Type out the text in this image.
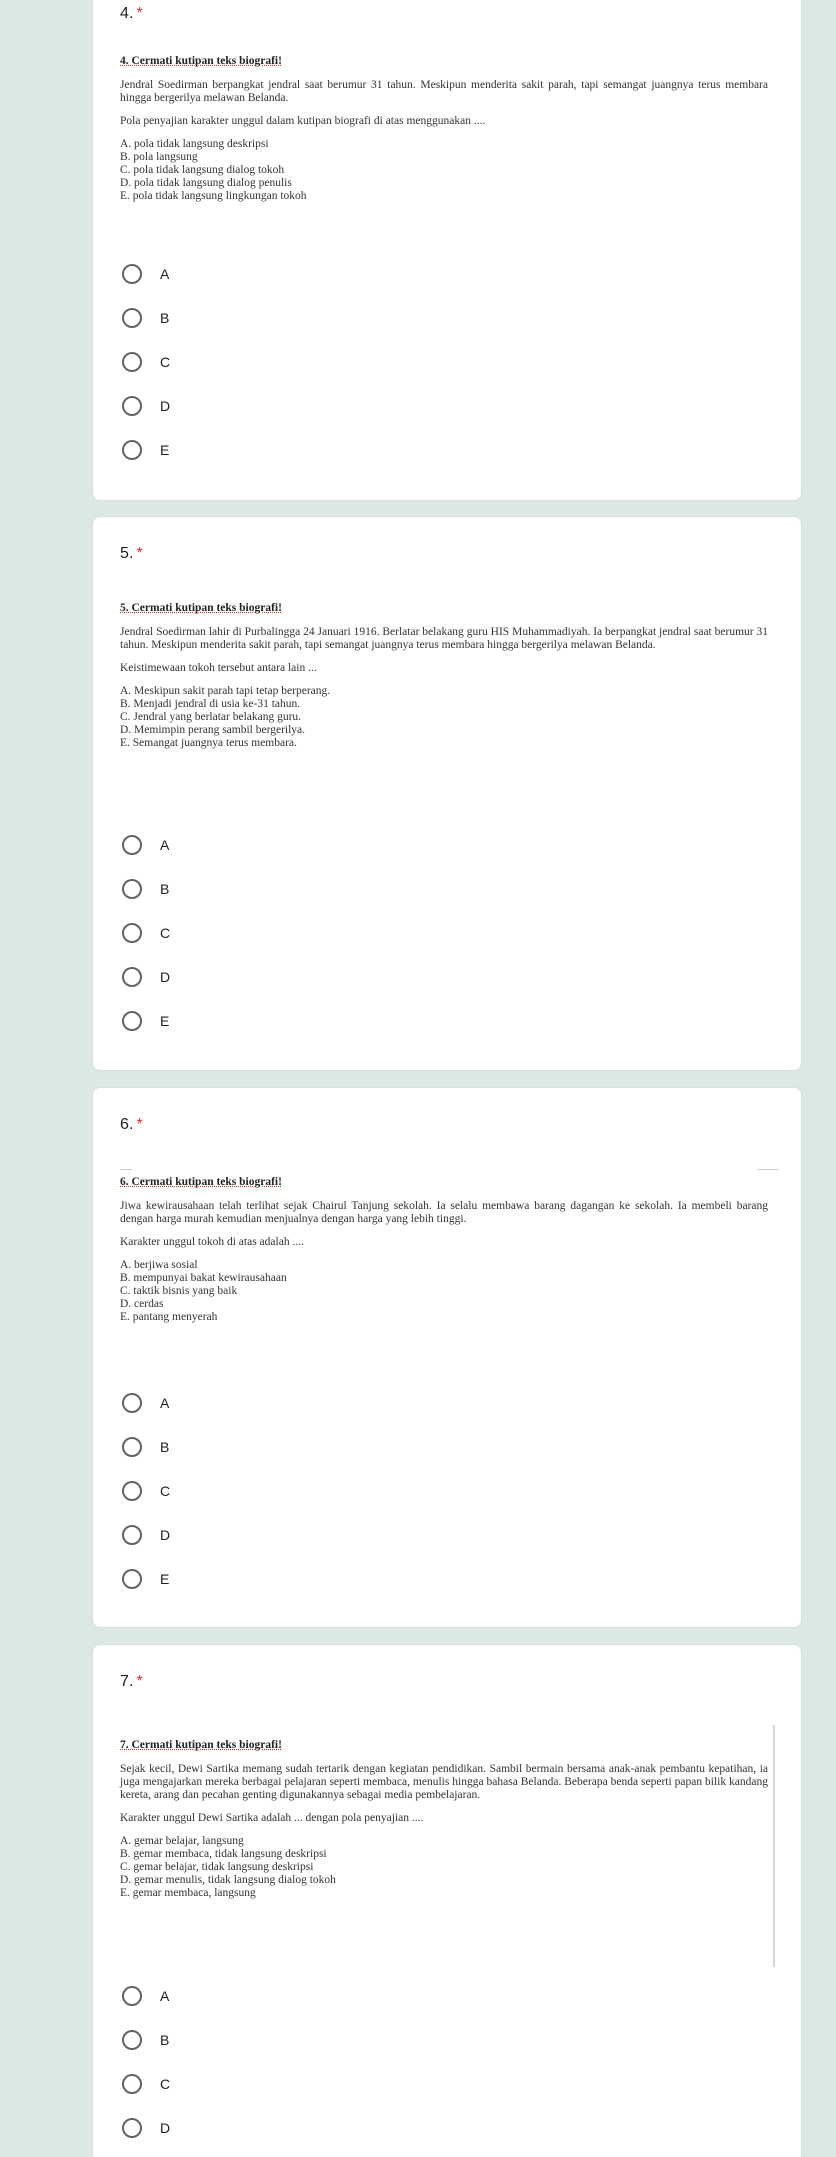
4. *
4. Cermati kutipan teks biografi!

Jendral Soedirman berpangkat jendral saat berumur 31 tahun. Meskipun menderita sakit parah, tapi semangat juangnya terus membara hingga bergerilya melawan Belanda.

Pola penyajian karakter unggul dalam kutipan biografi di atas menggunakan ....

A. pola tidak langsung deskripsi
B. pola langsung
C. pola tidak langsung dialog tokoh
D. pola tidak langsung dialog penulis
E. pola tidak langsung lingkungan tokoh
A
B
C
D
E
5. *
5. Cermati kutipan teks biografi!

Jendral Soedirman lahir di Purbalingga 24 Januari 1916. Berlatar belakang guru HIS Muhammadiyah. Ia berpangkat jendral saat berumur 31 tahun. Meskipun menderita sakit parah, tapi semangat juangnya terus membara hingga bergerilya melawan Belanda.

Keistimewaan tokoh tersebut antara lain ...

A. Meskipun sakit parah tapi tetap berperang.
B. Menjadi jendral di usia ke-31 tahun.
C. Jendral yang berlatar belakang guru.
D. Memimpin perang sambil bergerilya.
E. Semangat juangnya terus membara.
A
B
C
D
E
6. *
6. Cermati kutipan teks biografi!

Jiwa kewirausahaan telah terlihat sejak Chairul Tanjung sekolah. Ia selalu membawa barang dagangan ke sekolah. Ia membeli barang dengan harga murah kemudian menjualnya dengan harga yang lebih tinggi.

Karakter unggul tokoh di atas adalah ....

A. berjiwa sosial
B. mempunyai bakat kewirausahaan
C. taktik bisnis yang baik
D. cerdas
E. pantang menyerah
A
B
C
D
E
7. *
7. Cermati kutipan teks biografi!

Sejak kecil, Dewi Sartika memang sudah tertarik dengan kegiatan pendidikan. Sambil bermain bersama anak-anak pembantu kepatihan, ia juga mengajarkan mereka berbagai pelajaran seperti membaca, menulis hingga bahasa Belanda. Beberapa benda seperti papan bilik kandang kereta, arang dan pecahan genting digunakannya sebagai media pembelajaran.

Karakter unggul Dewi Sartika adalah ... dengan pola penyajian ....

A. gemar belajar, langsung
B. gemar membaca, tidak langsung deskripsi
C. gemar belajar, tidak langsung deskripsi
D. gemar menulis, tidak langsung dialog tokoh
E. gemar membaca, langsung
A
B
C
D
